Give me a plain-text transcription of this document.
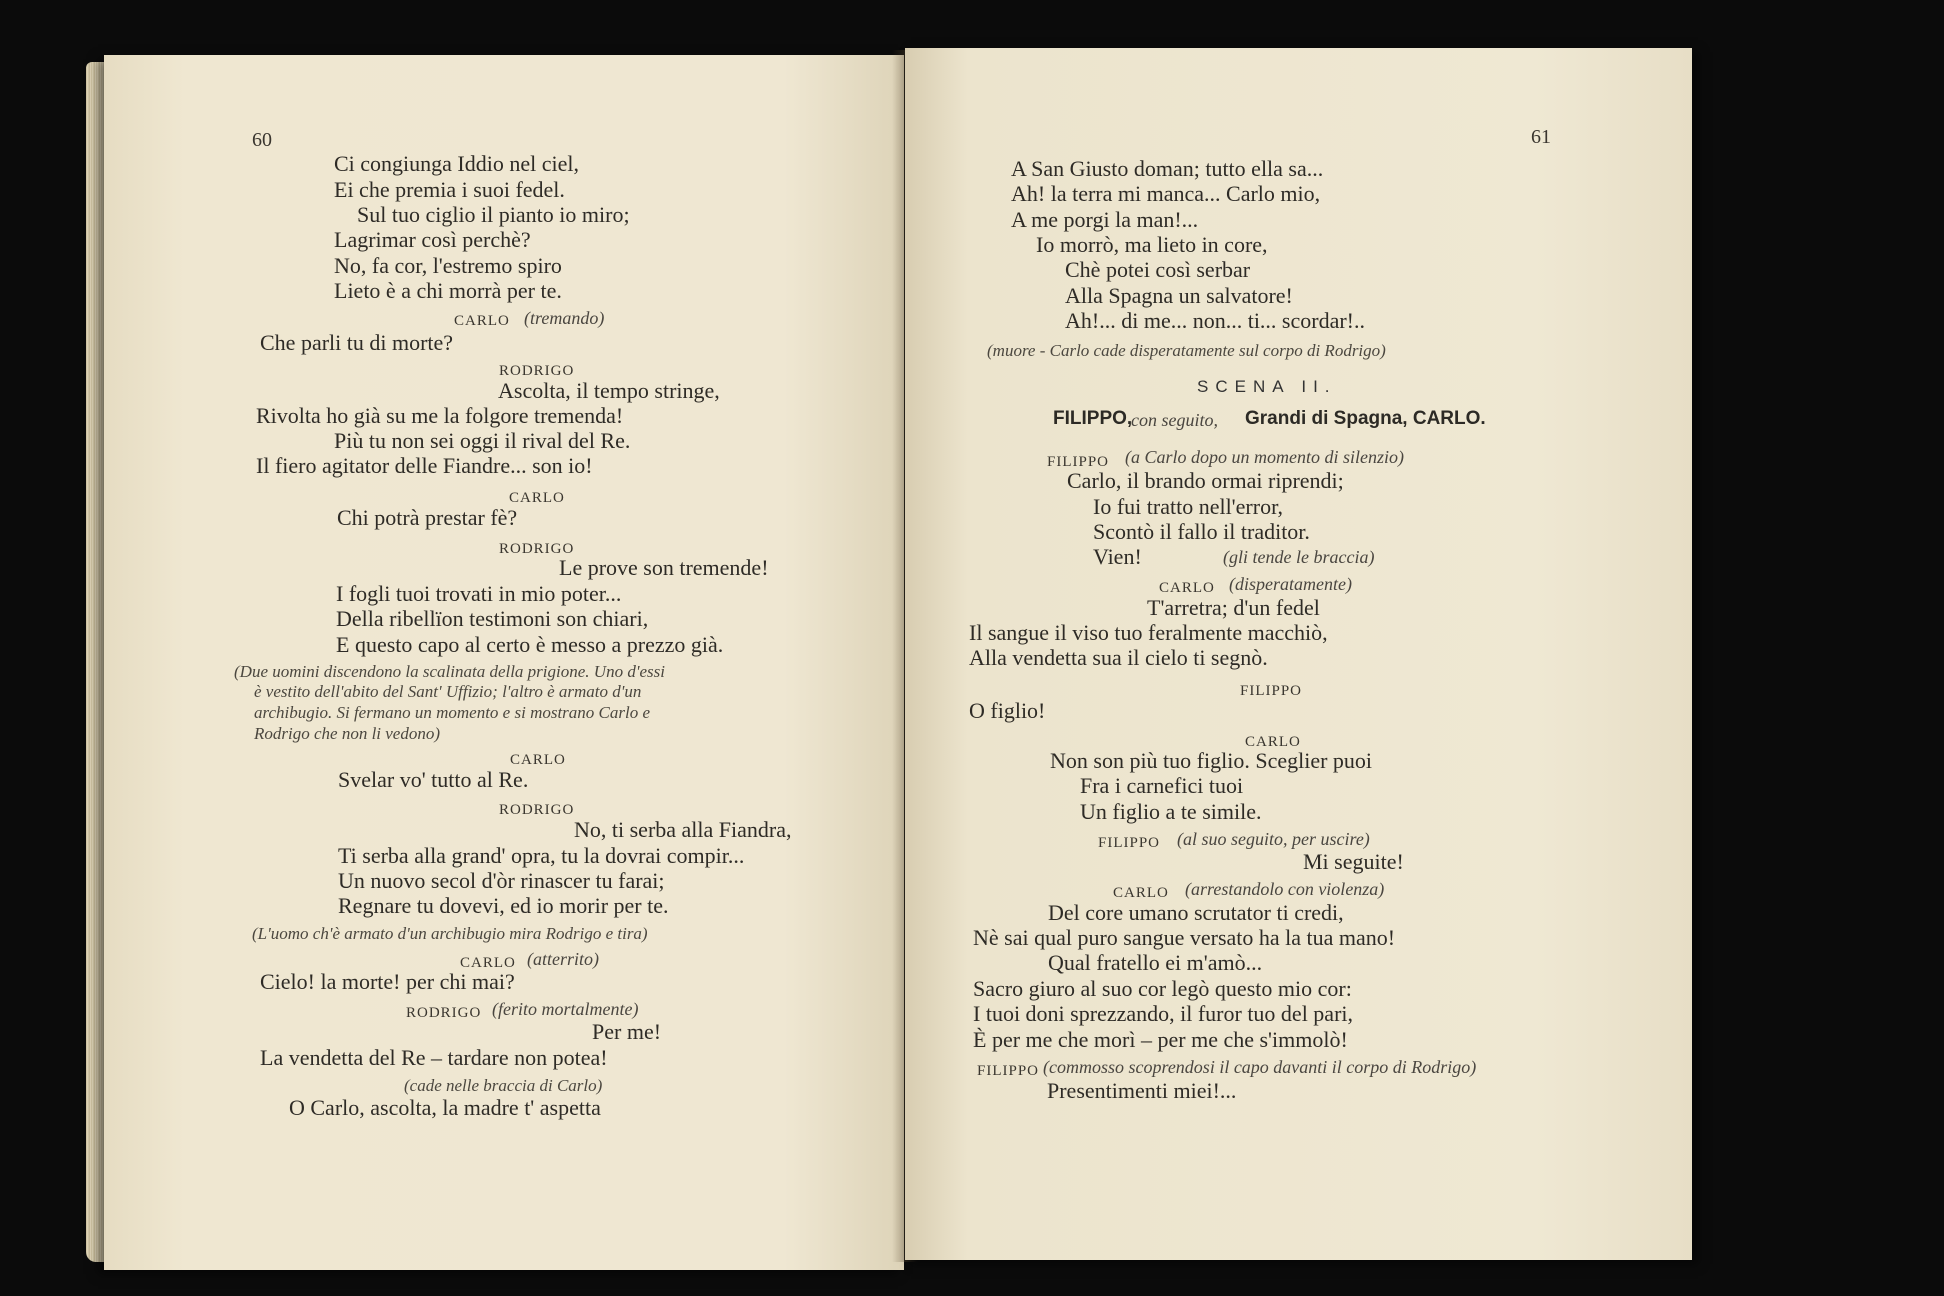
60
Ci congiunga Iddio nel ciel,
Ei che premia i suoi fedel.
Sul tuo ciglio il pianto io miro;
Lagrimar così perchè?
No, fa cor, l'estremo spiro
Lieto è a chi morrà per te.
CARLO (tremando)
Che parli tu di morte?
RODRIGO
Ascolta, il tempo stringe,
Rivolta ho già su me la folgore tremenda!
Più tu non sei oggi il rival del Re.
Il fiero agitator delle Fiandre... son io!
CARLO
Chi potrà prestar fè?
RODRIGO
Le prove son tremende!
I fogli tuoi trovati in mio poter...
Della ribellïon testimoni son chiari,
E questo capo al certo è messo a prezzo già.
(Due uomini discendono la scalinata della prigione. Uno d'essi
è vestito dell'abito del Sant' Uffizio; l'altro è armato d'un
archibugio. Si fermano un momento e si mostrano Carlo e
Rodrigo che non li vedono)
CARLO
Svelar vo' tutto al Re.
RODRIGO
No, ti serba alla Fiandra,
Ti serba alla grand' opra, tu la dovrai compir...
Un nuovo secol d'òr rinascer tu farai;
Regnare tu dovevi, ed io morir per te.
(L'uomo ch'è armato d'un archibugio mira Rodrigo e tira)
CARLO (atterrito)
Cielo! la morte! per chi mai?
RODRIGO (ferito mortalmente)
Per me!
La vendetta del Re – tardare non potea!
(cade nelle braccia di Carlo)
O Carlo, ascolta, la madre t' aspetta
61
A San Giusto doman; tutto ella sa...
Ah! la terra mi manca... Carlo mio,
A me porgi la man!...
Io morrò, ma lieto in core,
Chè potei così serbar
Alla Spagna un salvatore!
Ah!... di me... non... ti... scordar!..
(muore - Carlo cade disperatamente sul corpo di Rodrigo)
SCENA II.
FILIPPO,
con seguito, Grandi di Spagna, CARLO.
FILIPPO (a Carlo dopo un momento di silenzio)
Carlo, il brando ormai riprendi;
Io fui tratto nell'error,
Scontò il fallo il traditor.
Vien!	(gli tende le braccia)
CARLO (disperatamente)
T'arretra; d'un fedel
Il sangue il viso tuo feralmente macchiò,
Alla vendetta sua il cielo ti segnò.
FILIPPO
O figlio!
CARLO
Non son più tuo figlio. Sceglier puoi
Fra i carnefici tuoi
Un figlio a te simile.
FILIPPO (al suo seguito, per uscire)
Mi seguite!
CARLO (arrestandolo con violenza)
Del core umano scrutator ti credi,
Nè sai qual puro sangue versato ha la tua mano!
Qual fratello ei m'amò...
Sacro giuro al suo cor legò questo mio cor:
I tuoi doni sprezzando, il furor tuo del pari,
È per me che morì – per me che s'immolò!
FILIPPO (commosso scoprendosi il capo davanti il corpo di Rodrigo)
Presentimenti miei!...
